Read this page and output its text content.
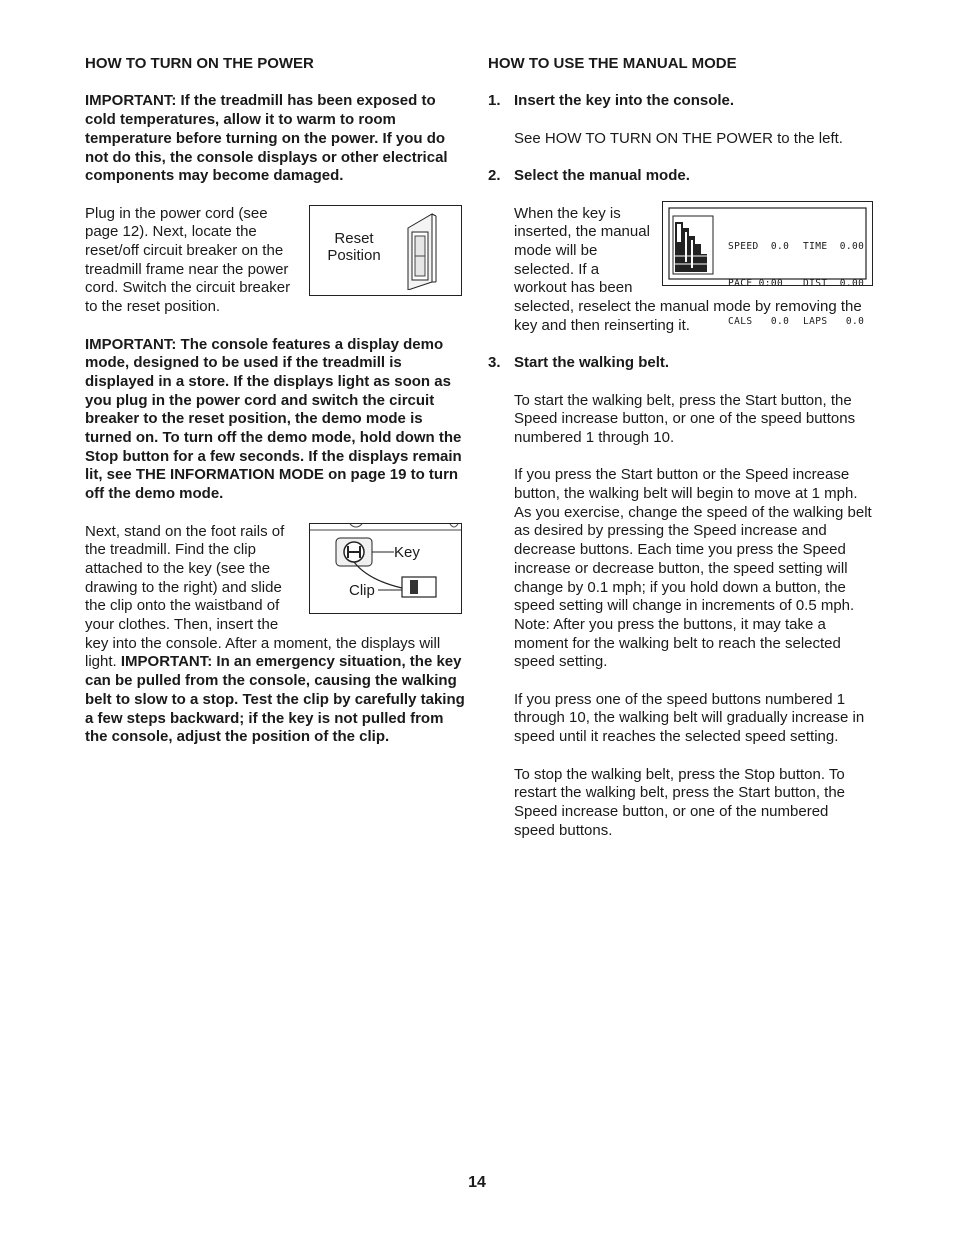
HOW TO TURN ON THE POWER

IMPORTANT: If the treadmill has been exposed to cold temperatures, allow it to warm to room temperature before turning on the power. If you do not do this, the console displays or other electrical components may become damaged.

Reset
Position

Plug in the power cord (see page 12). Next, locate the reset/off circuit breaker on the treadmill frame near the power cord. Switch the circuit breaker to the reset position.

IMPORTANT: The console features a display demo mode, designed to be used if the treadmill is displayed in a store. If the displays light as soon as you plug in the power cord and switch the circuit breaker to the reset position, the demo mode is turned on. To turn off the demo mode, hold down the Stop button for a few seconds. If the displays remain lit, see THE INFORMATION MODE on page 19 to turn off the demo mode.

Key
Clip

Next, stand on the foot rails of the treadmill. Find the clip attached to the key (see the drawing to the right) and slide the clip onto the waistband of your clothes. Then, insert the key into the console. After a moment, the displays will light. IMPORTANT: In an emergency situation, the key can be pulled from the console, causing the walking belt to slow to a stop. Test the clip by carefully taking a few steps backward; if the key is not pulled from the console, adjust the position of the clip.

HOW TO USE THE MANUAL MODE
1. Insert the key into the console.

See HOW TO TURN ON THE POWER to the left.

2. Select the manual mode.

SPEED  0.0

PACE 0:00

CALS   0.0

TIME  0.00

DIST  0.00

LAPS   0.0

When the key is inserted, the manual mode will be selected. If a workout has been selected, reselect the manual mode by removing the key and then reinserting it.

3. Start the walking belt.

To start the walking belt, press the Start button, the Speed increase button, or one of the speed buttons numbered 1 through 10.

If you press the Start button or the Speed increase button, the walking belt will begin to move at 1 mph. As you exercise, change the speed of the walking belt as desired by pressing the Speed increase and decrease buttons. Each time you press the Speed increase or decrease button, the speed setting will change by 0.1 mph; if you hold down a button, the speed setting will change in increments of 0.5 mph. Note: After you press the buttons, it may take a moment for the walking belt to reach the selected speed setting.

If you press one of the speed buttons numbered 1 through 10, the walking belt will gradually increase in speed until it reaches the selected speed setting.

To stop the walking belt, press the Stop button. To restart the walking belt, press the Start button, the Speed increase button, or one of the numbered speed buttons.

14
